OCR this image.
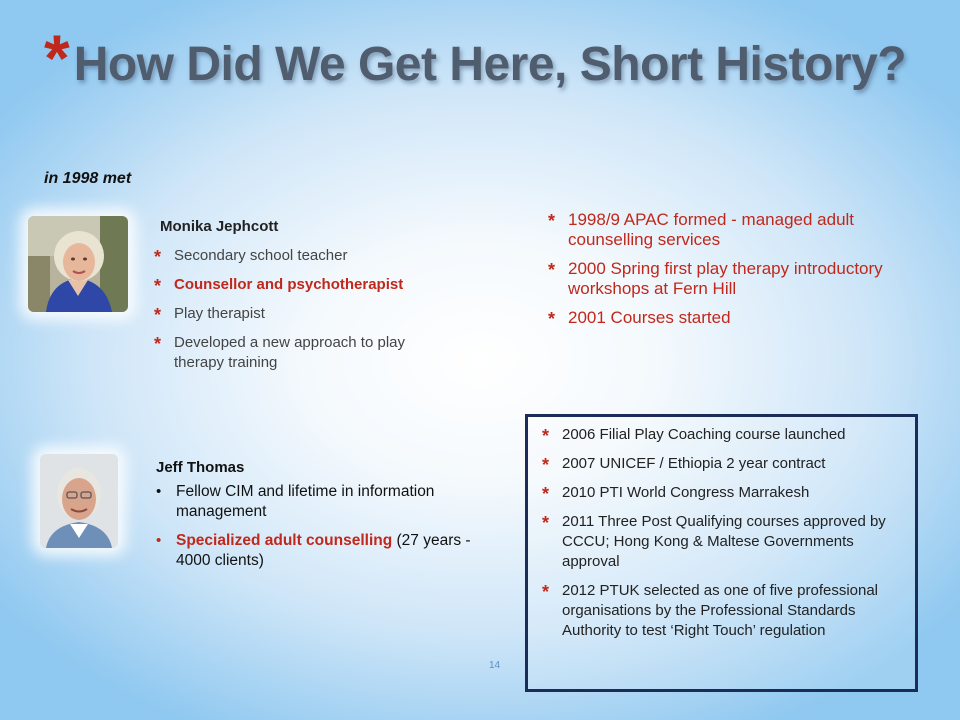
* How Did We Get Here, Short History?
in 1998 met
Monika Jephcott
* Secondary school teacher
* Counsellor and psychotherapist
* Play therapist
* Developed a new approach to play therapy training
Jeff Thomas
• Fellow CIM and lifetime in information management
• Specialized adult counselling (27 years - 4000 clients)
* 1998/9 APAC formed - managed adult counselling services
* 2000 Spring first play therapy introductory workshops at Fern Hill
* 2001 Courses started
* 2006 Filial Play Coaching course launched
* 2007 UNICEF / Ethiopia 2 year contract
* 2010 PTI World Congress Marrakesh
* 2011 Three Post Qualifying courses approved by CCCU; Hong Kong & Maltese Governments approval
* 2012 PTUK selected as one of five professional organisations by the Professional Standards Authority to test ‘Right Touch’ regulation
14
